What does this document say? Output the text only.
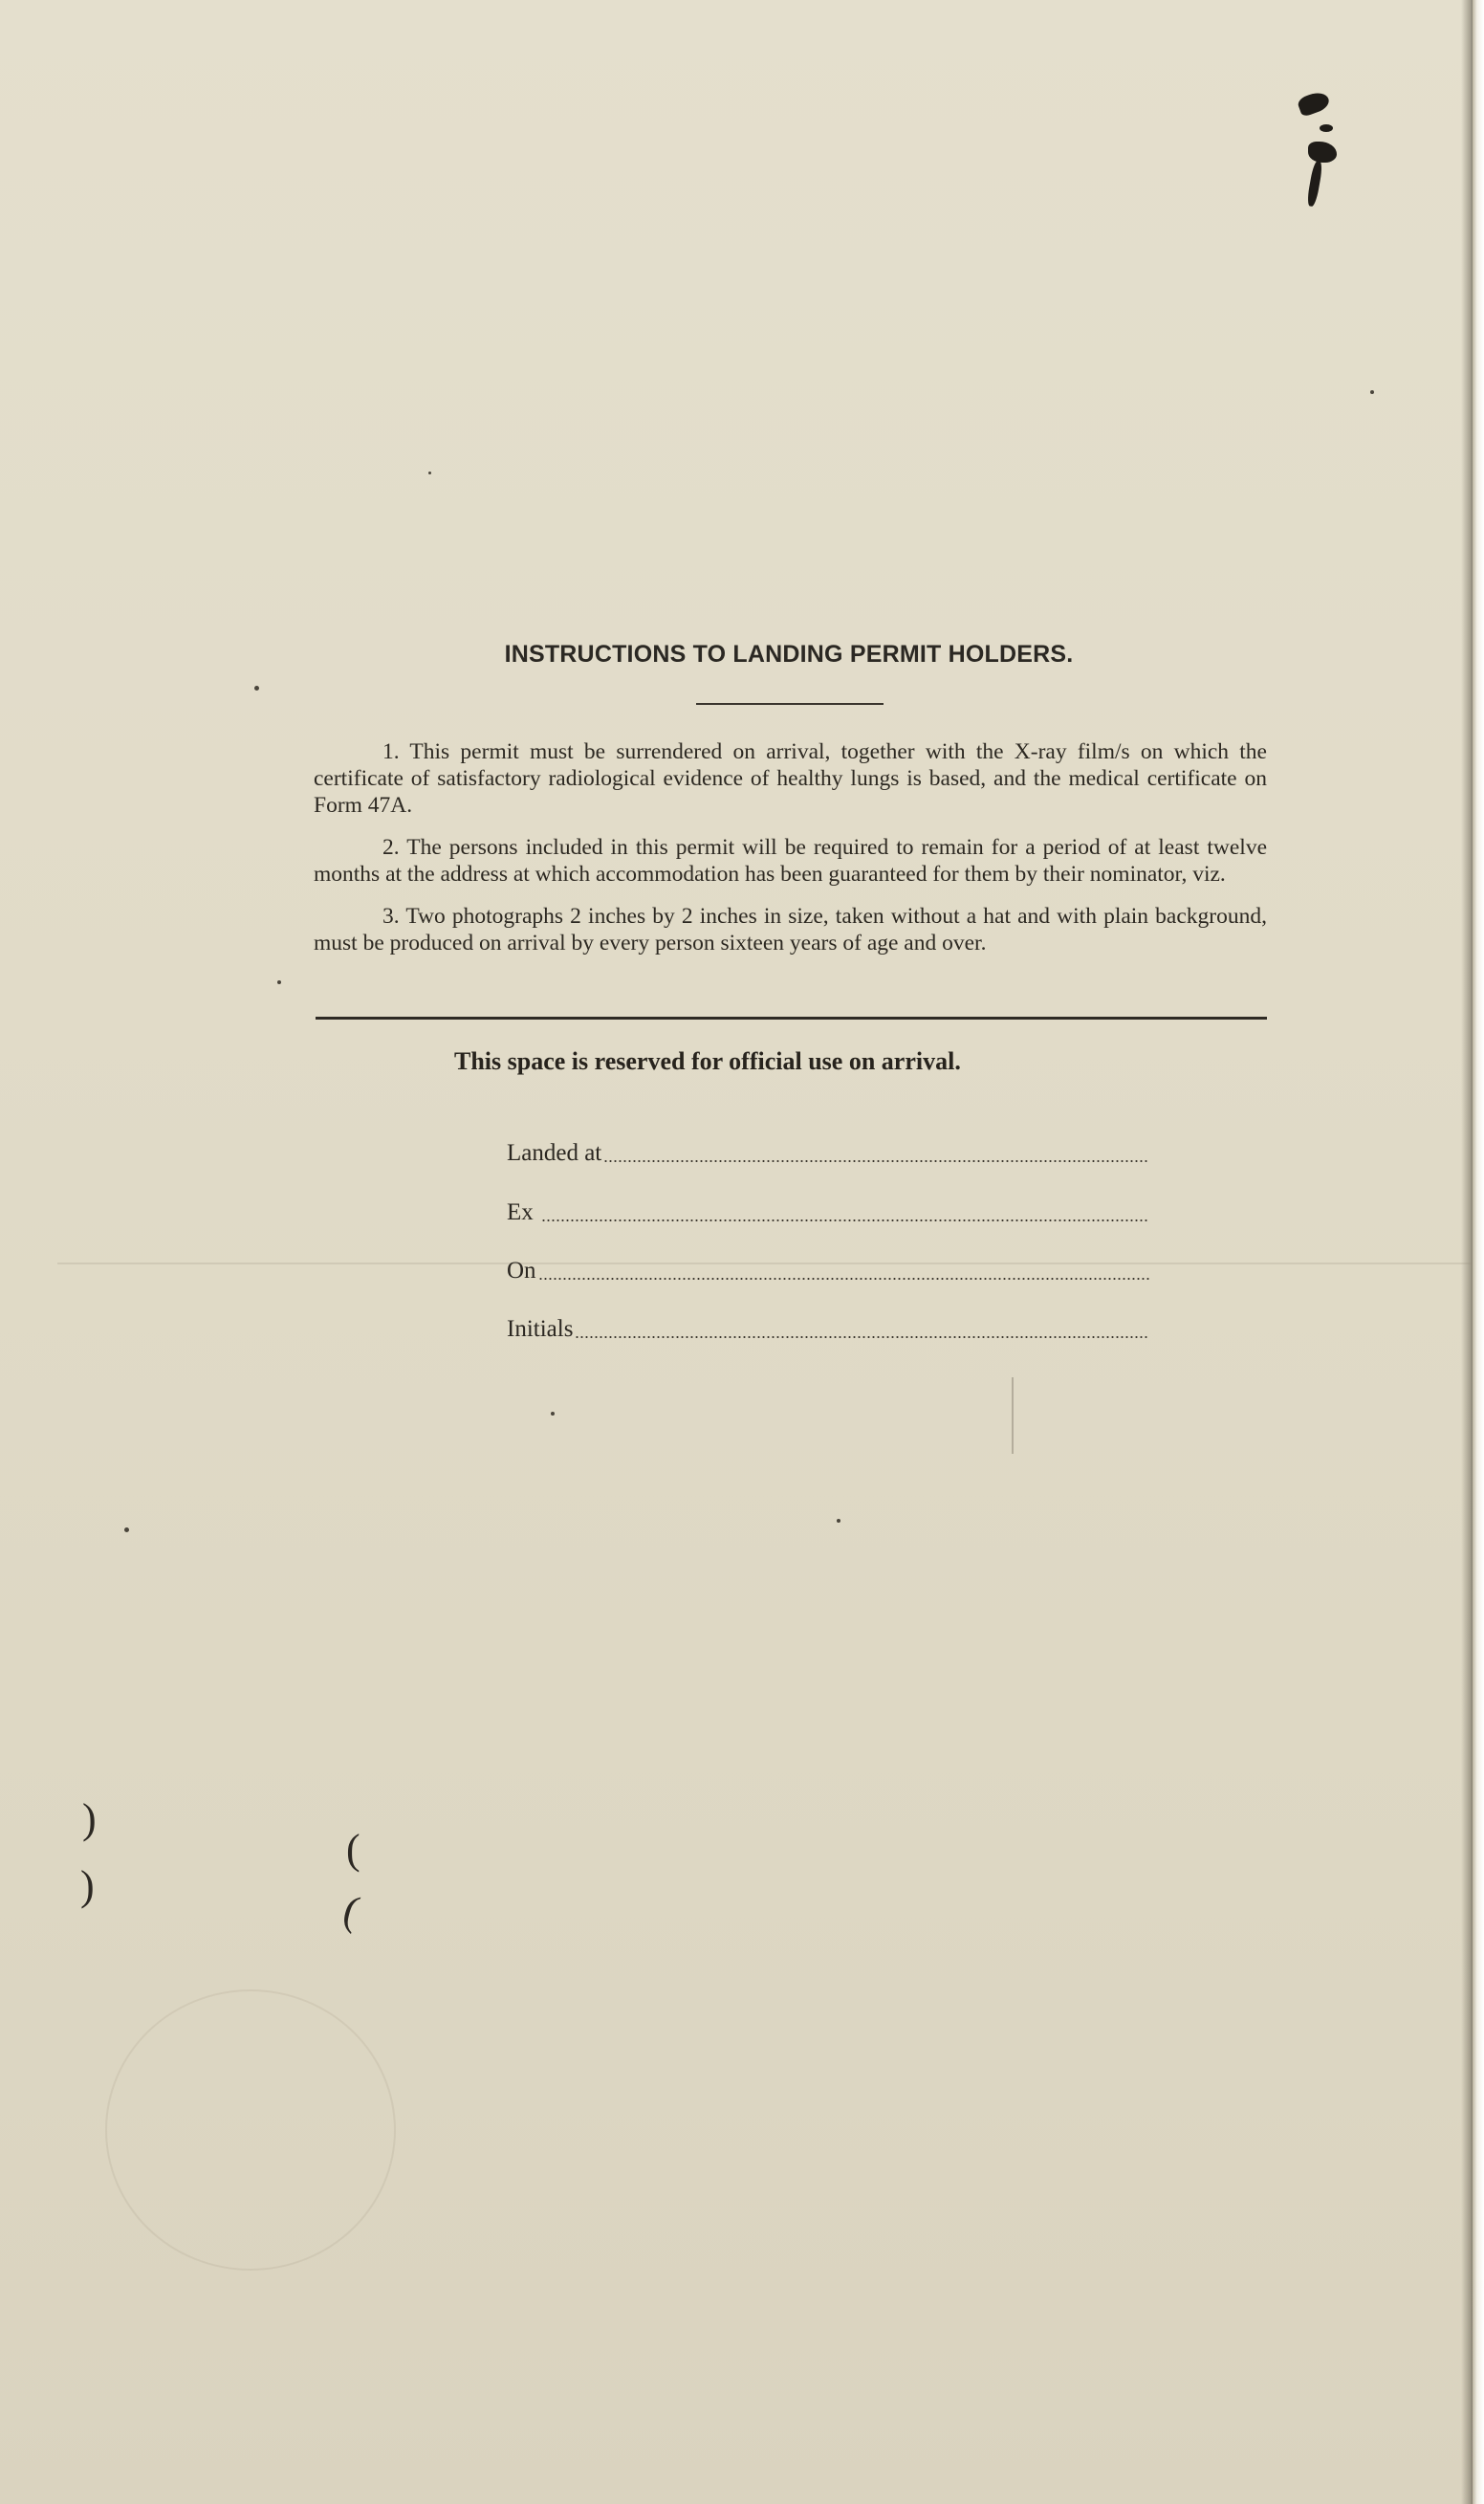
INSTRUCTIONS TO LANDING PERMIT HOLDERS.

1. This permit must be surrendered on arrival, together with the X-ray film/s on which the certificate of satisfactory radiological evidence of healthy lungs is based, and the medical certificate on Form 47A.

2. The persons included in this permit will be required to remain for a period of at least twelve months at the address at which accommodation has been guaranteed for them by their nominator, viz.

3. Two photographs 2 inches by 2 inches in size, taken without a hat and with plain background, must be produced on arrival by every person sixteen years of age and over.

This space is reserved for official use on arrival.
Landed at
Ex
On
Initials
)
)
(
(
